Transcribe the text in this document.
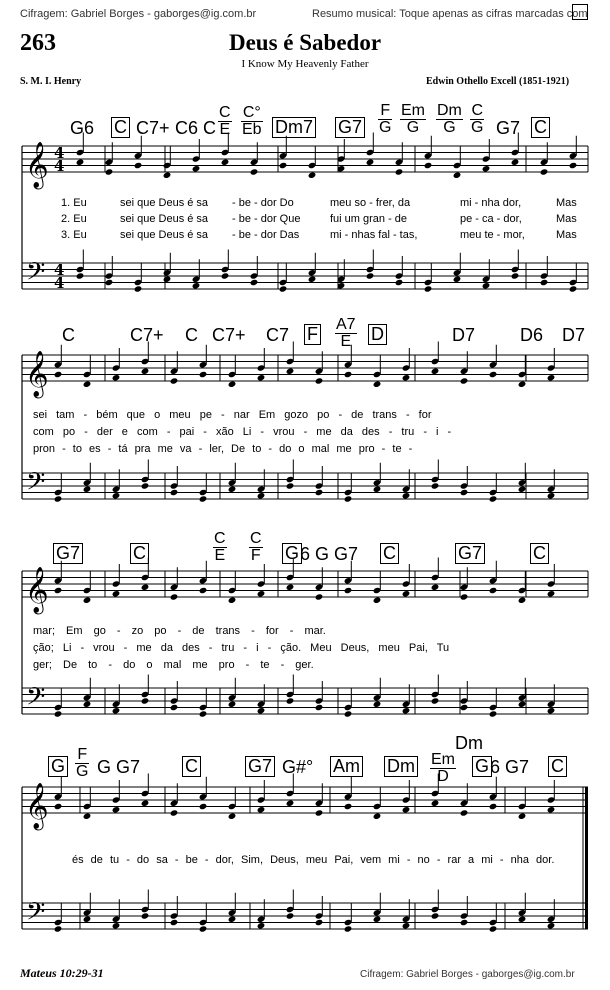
Cifragem: Gabriel Borges - gaborges@ig.com.br	Resumo musical: Toque apenas as cifras marcadas com
263	Deus é Sabedor
I Know My Heavenly Father
S. M. I. Henry	Edwin Othello Excell (1851-1921)
𝄞
𝄢
4
4
4
4
𝄞
𝄢
𝄞
𝄢
𝄞
𝄢
G6 C C7+ C6 C $\frac{C}{E} \frac{C^\circ}{Eb} Dm7$ $G7 \frac{F}{G} \frac{Em}{G} \frac{Dm}{G} \frac{C}{G} G7$ C
1. Eu	sei que Deus é sa - be - dor Do	meu so - frer, da	mi - nha dor,	Mas
2. Eu	sei que Deus é sa - be - dor Que	fui um gran - de	pe - ca - dor,	Mas
3. Eu	sei que Deus é sa - be - dor Das	mi - nhas fal - tas,	meu te - mor,	Mas
C	C7+ C C7+ C7 F $\frac{A7}{E}$ D	D7 D6 D7
sei tam - bém que o meu pe - nar Em gozo po - de trans - for
com po - der e com - pai - xão Li - vrou - me da des - tru - i -
pron - to es - tá pra me va - ler, De to - do o mal me pro - te -
G7	C	$\frac{C}{E} \frac{C}{F}$ G 6 G G7 C	G7	C
mar; Em go - zo po - de trans - for - mar.
ção; Li - vrou - me da des - tru - i - ção. Meu Deus, meu Pai, Tu
ger; De to - do o mal me pro - te - ger.
G $\frac{F}{G}$ G G7 C	G7 G#° Am Dm $\frac{Em}{D}$
Dm
G 6 G7 C
és de tu - do sa - be - dor, Sim, Deus, meu Pai, vem mi - no - rar a mi - nha dor.
Mateus 10:29-31	Cifragem: Gabriel Borges - gaborges@ig.com.br
